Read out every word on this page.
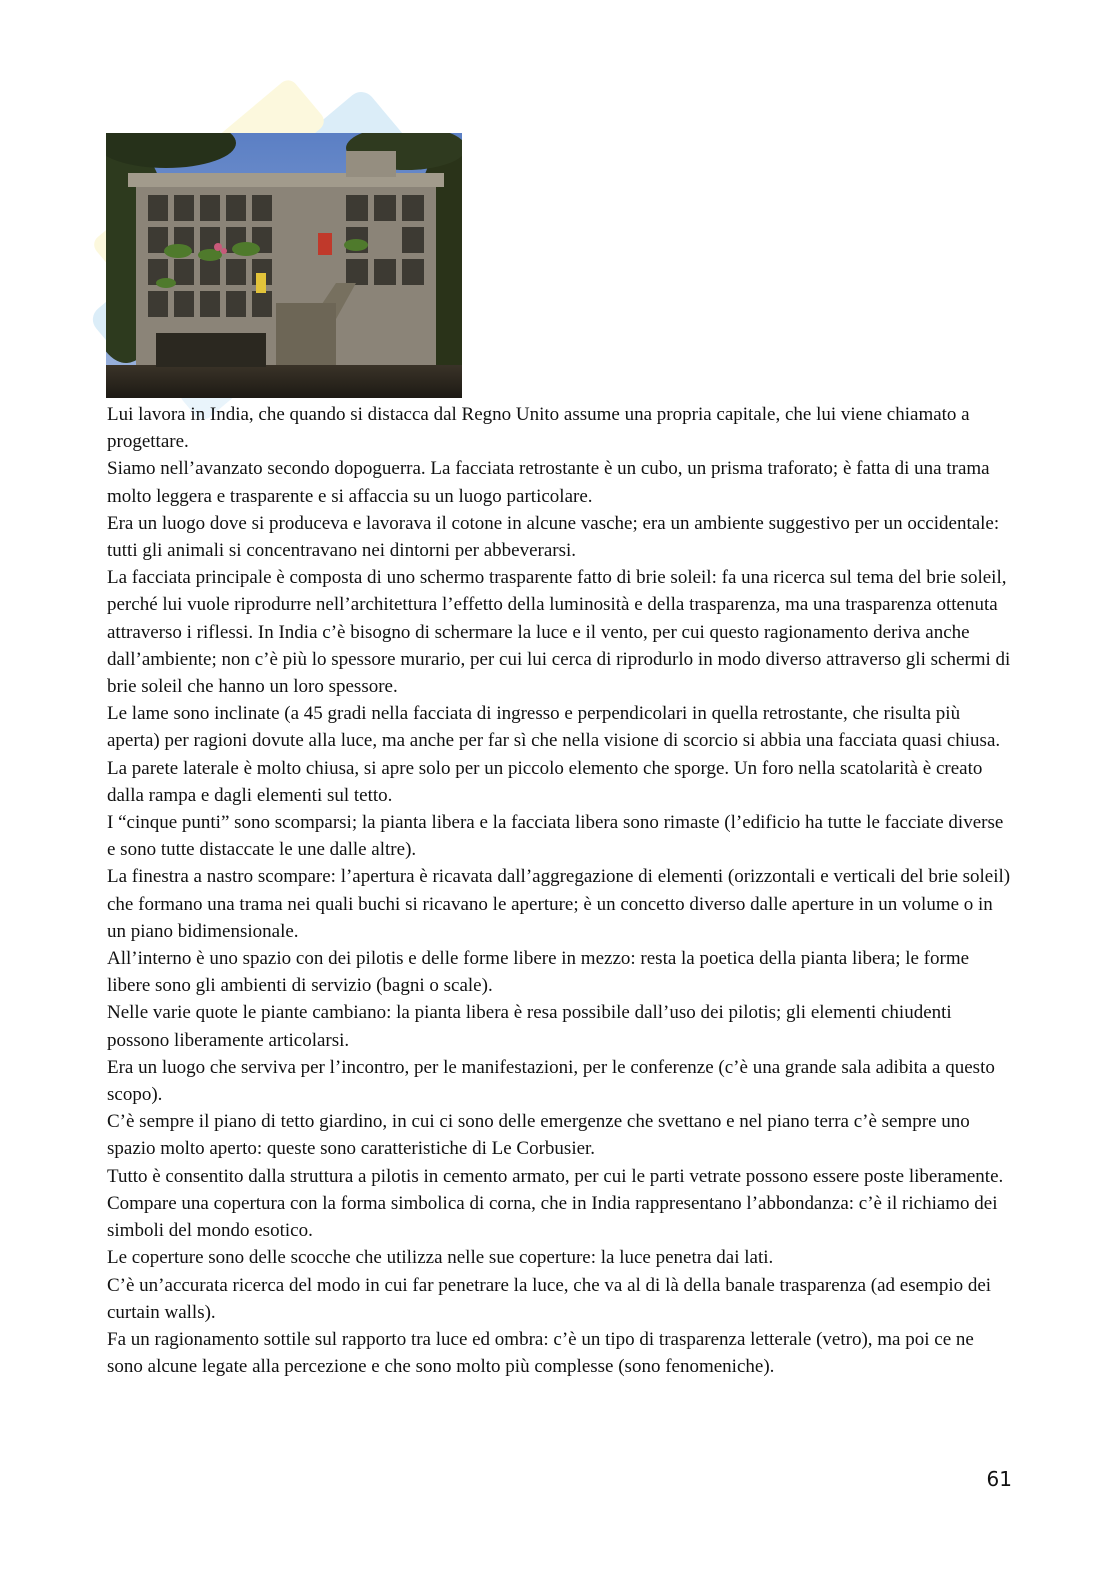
Lui lavora in India, che quando si distacca dal Regno Unito assume una propria capitale, che lui viene chiamato a progettare.

Siamo nell’avanzato secondo dopoguerra. La facciata retrostante è un cubo, un prisma traforato; è fatta di una trama molto leggera e trasparente e si affaccia su un luogo particolare.

Era un luogo dove si produceva e lavorava il cotone in alcune vasche; era un ambiente suggestivo per un occidentale: tutti gli animali si concentravano nei dintorni per abbeverarsi.

La facciata principale è composta di uno schermo trasparente fatto di brie soleil: fa una ricerca sul tema del brie soleil, perché lui vuole riprodurre nell’architettura l’effetto della luminosità e della trasparenza, ma una trasparenza ottenuta attraverso i riflessi. In India c’è bisogno di schermare la luce e il vento, per cui questo ragionamento deriva anche dall’ambiente; non c’è più lo spessore murario, per cui lui cerca di riprodurlo in modo diverso attraverso gli schermi di brie soleil che hanno un loro spessore.

Le lame sono inclinate (a 45 gradi nella facciata di ingresso e perpendicolari in quella retrostante, che risulta più aperta) per ragioni dovute alla luce, ma anche per far sì che nella visione di scorcio si abbia una facciata quasi chiusa.

La parete laterale è molto chiusa, si apre solo per un piccolo elemento che sporge. Un foro nella scatolarità è creato dalla rampa e dagli elementi sul tetto.

I “cinque punti” sono scomparsi; la pianta libera e la facciata libera sono rimaste (l’edificio ha tutte le facciate diverse e sono tutte distaccate le une dalle altre).

La finestra a nastro scompare: l’apertura è ricavata dall’aggregazione di elementi (orizzontali e verticali del brie soleil) che formano una trama nei quali buchi si ricavano le aperture; è un concetto diverso dalle aperture in un volume o in un piano bidimensionale.

All’interno è uno spazio con dei pilotis e delle forme libere in mezzo: resta la poetica della pianta libera; le forme libere sono gli ambienti di servizio (bagni o scale).

Nelle varie quote le piante cambiano: la pianta libera è resa possibile dall’uso dei pilotis; gli elementi chiudenti possono liberamente articolarsi.

Era un luogo che serviva per l’incontro, per le manifestazioni, per le conferenze (c’è una grande sala adibita a questo scopo).

C’è sempre il piano di tetto giardino, in cui ci sono delle emergenze che svettano e nel piano terra c’è sempre uno spazio molto aperto: queste sono caratteristiche di Le Corbusier.

Tutto è consentito dalla struttura a pilotis in cemento armato, per cui le parti vetrate possono essere poste liberamente.

Compare una copertura con la forma simbolica di corna, che in India rappresentano l’abbondanza: c’è il richiamo dei simboli del mondo esotico.

Le coperture sono delle scocche che utilizza nelle sue coperture: la luce penetra dai lati.

C’è un’accurata ricerca del modo in cui far penetrare la luce, che va al di là della banale trasparenza (ad esempio dei curtain walls).

Fa un ragionamento sottile sul rapporto tra luce ed ombra: c’è un tipo di trasparenza letterale (vetro), ma poi ce ne sono alcune legate alla percezione e che sono molto più complesse (sono fenomeniche).

61
